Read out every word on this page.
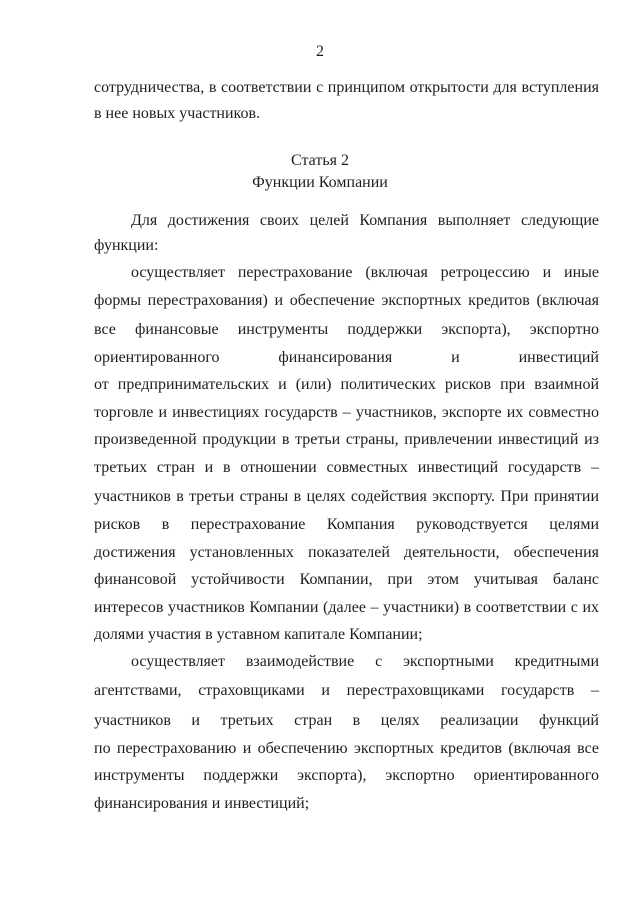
2
сотрудничества, в соответствии с принципом открытости для вступления
в нее новых участников.
Статья 2
Функции Компании
Для достижения своих целей Компания выполняет следующие
функции:
осуществляет перестрахование (включая ретроцессию и иные
формы перестрахования) и обеспечение экспортных кредитов (включая
все финансовые инструменты поддержки экспорта), экспортно
ориентированного финансирования и инвестиций
от предпринимательских и (или) политических рисков при взаимной
торговле и инвестициях государств – участников, экспорте их совместно
произведенной продукции в третьи страны, привлечении инвестиций из
третьих стран и в отношении совместных инвестиций государств –
участников в третьи страны в целях содействия экспорту. При принятии
рисков в перестрахование Компания руководствуется целями
достижения установленных показателей деятельности, обеспечения
финансовой устойчивости Компании, при этом учитывая баланс
интересов участников Компании (далее – участники) в соответствии с их
долями участия в уставном капитале Компании;
осуществляет взаимодействие с экспортными кредитными
агентствами, страховщиками и перестраховщиками государств –
участников и третьих стран в целях реализации функций
по перестрахованию и обеспечению экспортных кредитов (включая все
инструменты поддержки экспорта), экспортно ориентированного
финансирования и инвестиций;
